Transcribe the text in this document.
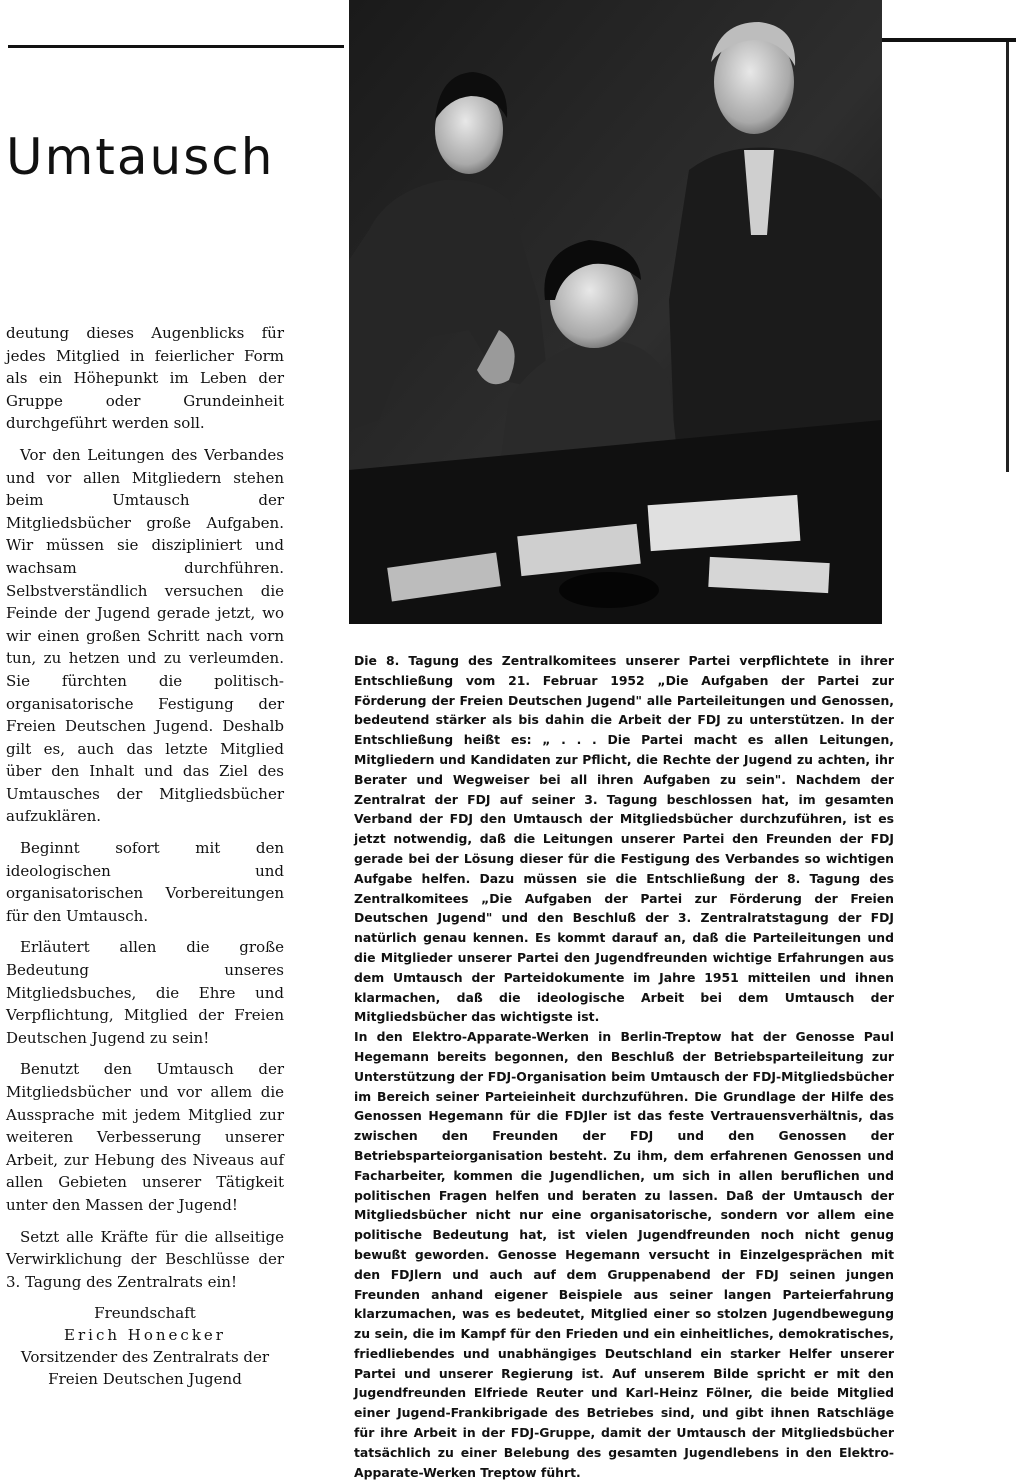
Umtausch

deutung dieses Augenblicks für jedes Mitglied in feierlicher Form als ein Höhepunkt im Leben der Gruppe oder Grundeinheit durchgeführt werden soll.

Vor den Leitungen des Verbandes und vor allen Mitgliedern stehen beim Umtausch der Mitgliedsbücher große Aufgaben. Wir müssen sie diszipliniert und wachsam durchführen. Selbstverständlich versuchen die Feinde der Jugend gerade jetzt, wo wir einen großen Schritt nach vorn tun, zu hetzen und zu verleumden. Sie fürchten die politisch-organisatorische Festigung der Freien Deutschen Jugend. Deshalb gilt es, auch das letzte Mitglied über den Inhalt und das Ziel des Umtausches der Mitgliedsbücher aufzuklären.

Beginnt sofort mit den ideologischen und organisatorischen Vorbereitungen für den Umtausch.

Erläutert allen die große Bedeutung unseres Mitgliedsbuches, die Ehre und Verpflichtung, Mitglied der Freien Deutschen Jugend zu sein!

Benutzt den Umtausch der Mitgliedsbücher und vor allem die Aussprache mit jedem Mitglied zur weiteren Verbesserung unserer Arbeit, zur Hebung des Niveaus auf allen Gebieten unserer Tätigkeit unter den Massen der Jugend!

Setzt alle Kräfte für die allseitige Verwirklichung der Beschlüsse der 3. Tagung des Zentralrats ein!

Freundschaft
Erich Honecker
Vorsitzender des Zentralrats der
Freien Deutschen Jugend

Die 8. Tagung des Zentralkomitees unserer Partei verpflichtete in ihrer Entschließung vom 21. Februar 1952 „Die Aufgaben der Partei zur Förderung der Freien Deutschen Jugend" alle Parteileitungen und Genossen, bedeutend stärker als bis dahin die Arbeit der FDJ zu unterstützen. In der Entschließung heißt es: „ . . . Die Partei macht es allen Leitungen, Mitgliedern und Kandidaten zur Pflicht, die Rechte der Jugend zu achten, ihr Berater und Wegweiser bei all ihren Aufgaben zu sein". Nachdem der Zentralrat der FDJ auf seiner 3. Tagung beschlossen hat, im gesamten Verband der FDJ den Umtausch der Mitgliedsbücher durchzuführen, ist es jetzt notwendig, daß die Leitungen unserer Partei den Freunden der FDJ gerade bei der Lösung dieser für die Festigung des Verbandes so wichtigen Aufgabe helfen. Dazu müssen sie die Entschließung der 8. Tagung des Zentralkomitees „Die Aufgaben der Partei zur Förderung der Freien Deutschen Jugend" und den Beschluß der 3. Zentralratstagung der FDJ natürlich genau kennen. Es kommt darauf an, daß die Parteileitungen und die Mitglieder unserer Partei den Jugendfreunden wichtige Erfahrungen aus dem Umtausch der Parteidokumente im Jahre 1951 mitteilen und ihnen klarmachen, daß die ideologische Arbeit bei dem Umtausch der Mitgliedsbücher das wichtigste ist.

In den Elektro-Apparate-Werken in Berlin-Treptow hat der Genosse Paul Hegemann bereits begonnen, den Beschluß der Betriebsparteileitung zur Unterstützung der FDJ-Organisation beim Umtausch der FDJ-Mitgliedsbücher im Bereich seiner Parteieinheit durchzuführen. Die Grundlage der Hilfe des Genossen Hegemann für die FDJler ist das feste Vertrauensverhältnis, das zwischen den Freunden der FDJ und den Genossen der Betriebsparteiorganisation besteht. Zu ihm, dem erfahrenen Genossen und Facharbeiter, kommen die Jugendlichen, um sich in allen beruflichen und politischen Fragen helfen und beraten zu lassen. Daß der Umtausch der Mitgliedsbücher nicht nur eine organisatorische, sondern vor allem eine politische Bedeutung hat, ist vielen Jugendfreunden noch nicht genug bewußt geworden. Genosse Hegemann versucht in Einzelgesprächen mit den FDJlern und auch auf dem Gruppenabend der FDJ seinen jungen Freunden anhand eigener Beispiele aus seiner langen Parteierfahrung klarzumachen, was es bedeutet, Mitglied einer so stolzen Jugendbewegung zu sein, die im Kampf für den Frieden und ein einheitliches, demokratisches, friedliebendes und unabhängiges Deutschland ein starker Helfer unserer Partei und unserer Regierung ist. Auf unserem Bilde spricht er mit den Jugendfreunden Elfriede Reuter und Karl-Heinz Fölner, die beide Mitglied einer Jugend-Frankibrigade des Betriebes sind, und gibt ihnen Ratschläge für ihre Arbeit in der FDJ-Gruppe, damit der Umtausch der Mitgliedsbücher tatsächlich zu einer Belebung des gesamten Jugendlebens in den Elektro-Apparate-Werken Treptow führt.
